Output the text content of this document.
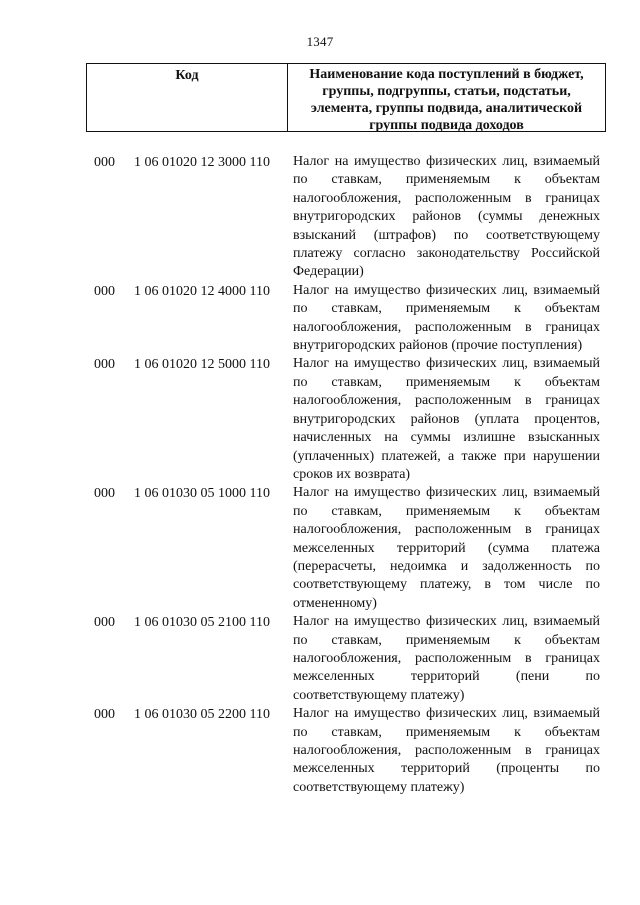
1347
Код	Наименование кода поступлений в бюджет, группы, подгруппы, статьи, подстатьи, элемента, группы подвида, аналитической группы подвида доходов
000 1 06 01020 12 3000 110 Налог на имущество физических лиц, взимаемый по ставкам, применяемым к объектам налогообложения, расположенным в границах внутригородских районов (суммы денежных взысканий (штрафов) по соответствующему платежу согласно законодательству Российской Федерации)
000 1 06 01020 12 4000 110 Налог на имущество физических лиц, взимаемый по ставкам, применяемым к объектам налогообложения, расположенным в границах внутригородских районов (прочие поступления)
000 1 06 01020 12 5000 110 Налог на имущество физических лиц, взимаемый по ставкам, применяемым к объектам налогообложения, расположенным в границах внутригородских районов (уплата процентов, начисленных на суммы излишне взысканных (уплаченных) платежей, а также при нарушении сроков их возврата)
000 1 06 01030 05 1000 110 Налог на имущество физических лиц, взимаемый по ставкам, применяемым к объектам налогообложения, расположенным в границах межселенных территорий (сумма платежа (перерасчеты, недоимка и задолженность по соответствующему платежу, в том числе по отмененному)
000 1 06 01030 05 2100 110 Налог на имущество физических лиц, взимаемый по ставкам, применяемым к объектам налогообложения, расположенным в границах межселенных территорий (пени по соответствующему платежу)
000 1 06 01030 05 2200 110 Налог на имущество физических лиц, взимаемый по ставкам, применяемым к объектам налогообложения, расположенным в границах межселенных территорий (проценты по соответствующему платежу)
